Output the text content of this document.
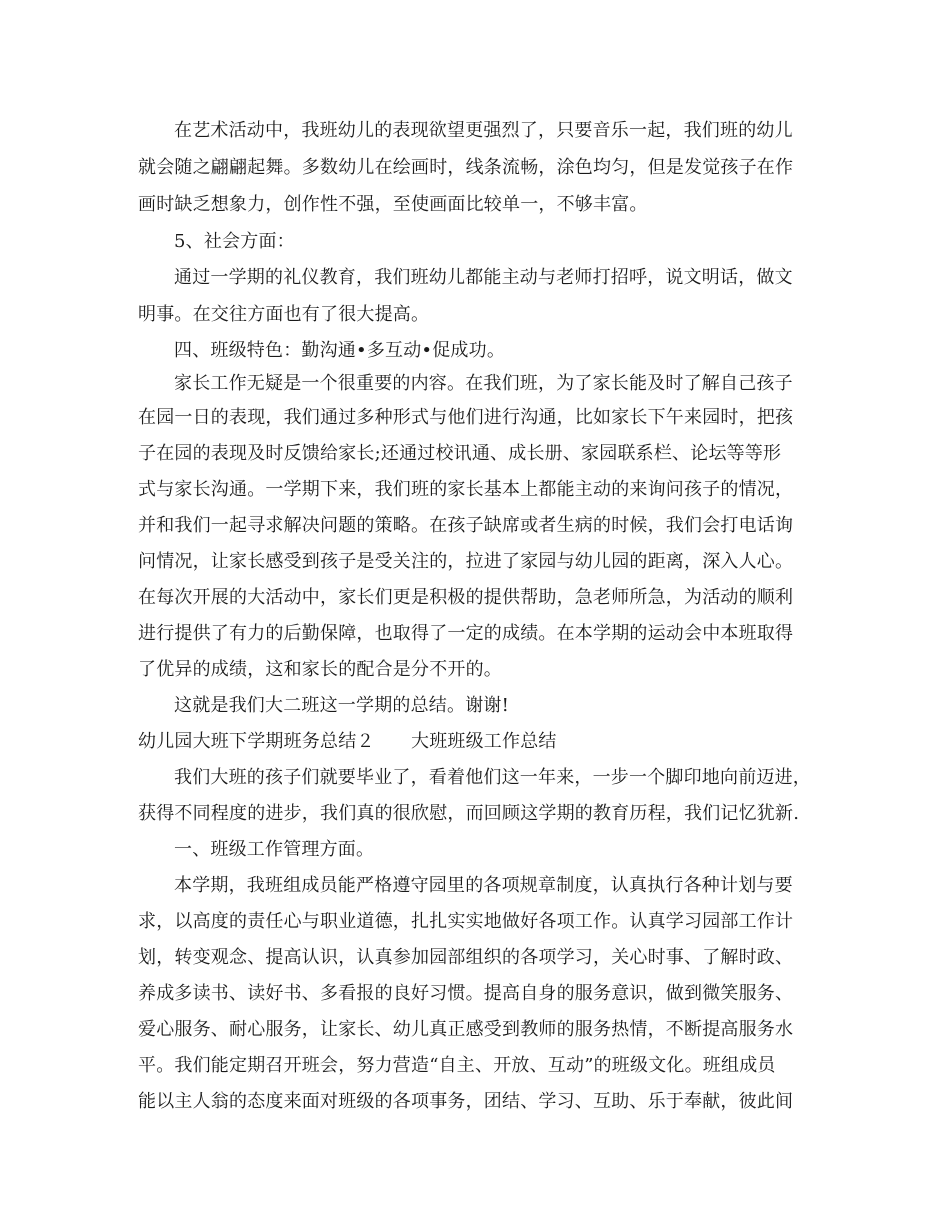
在艺术活动中，我班幼儿的表现欲望更强烈了，只要音乐一起，我们班的幼儿
就会随之翩翩起舞。多数幼儿在绘画时，线条流畅，涂色均匀，但是发觉孩子在作
画时缺乏想象力，创作性不强，至使画面比较单一，不够丰富。
5、社会方面：
通过一学期的礼仪教育，我们班幼儿都能主动与老师打招呼，说文明话，做文
明事。在交往方面也有了很大提高。
四、班级特色：勤沟通•多互动•促成功。
家长工作无疑是一个很重要的内容。在我们班，为了家长能及时了解自己孩子
在园一日的表现，我们通过多种形式与他们进行沟通，比如家长下午来园时，把孩
子在园的表现及时反馈给家长;还通过校讯通、成长册、家园联系栏、论坛等等形
式与家长沟通。一学期下来，我们班的家长基本上都能主动的来询问孩子的情况，
并和我们一起寻求解决问题的策略。在孩子缺席或者生病的时候，我们会打电话询
问情况，让家长感受到孩子是受关注的，拉进了家园与幼儿园的距离，深入人心。
在每次开展的大活动中，家长们更是积极的提供帮助，急老师所急，为活动的顺利
进行提供了有力的后勤保障，也取得了一定的成绩。在本学期的运动会中本班取得
了优异的成绩，这和家长的配合是分不开的。
这就是我们大二班这一学期的总结。谢谢!
幼儿园大班下学期班务总结２　　大班班级工作总结
我们大班的孩子们就要毕业了，看着他们这一年来，一步一个脚印地向前迈进，
获得不同程度的进步，我们真的很欣慰，而回顾这学期的教育历程，我们记忆犹新.
一、班级工作管理方面。
本学期，我班组成员能严格遵守园里的各项规章制度，认真执行各种计划与要
求，以高度的责任心与职业道德，扎扎实实地做好各项工作。认真学习园部工作计
划，转变观念、提高认识，认真参加园部组织的各项学习，关心时事、了解时政、
养成多读书、读好书、多看报的良好习惯。提高自身的服务意识，做到微笑服务、
爱心服务、耐心服务，让家长、幼儿真正感受到教师的服务热情，不断提高服务水
平。我们能定期召开班会，努力营造“自主、开放、互动”的班级文化。班组成员
能以主人翁的态度来面对班级的各项事务，团结、学习、互助、乐于奉献，彼此间
